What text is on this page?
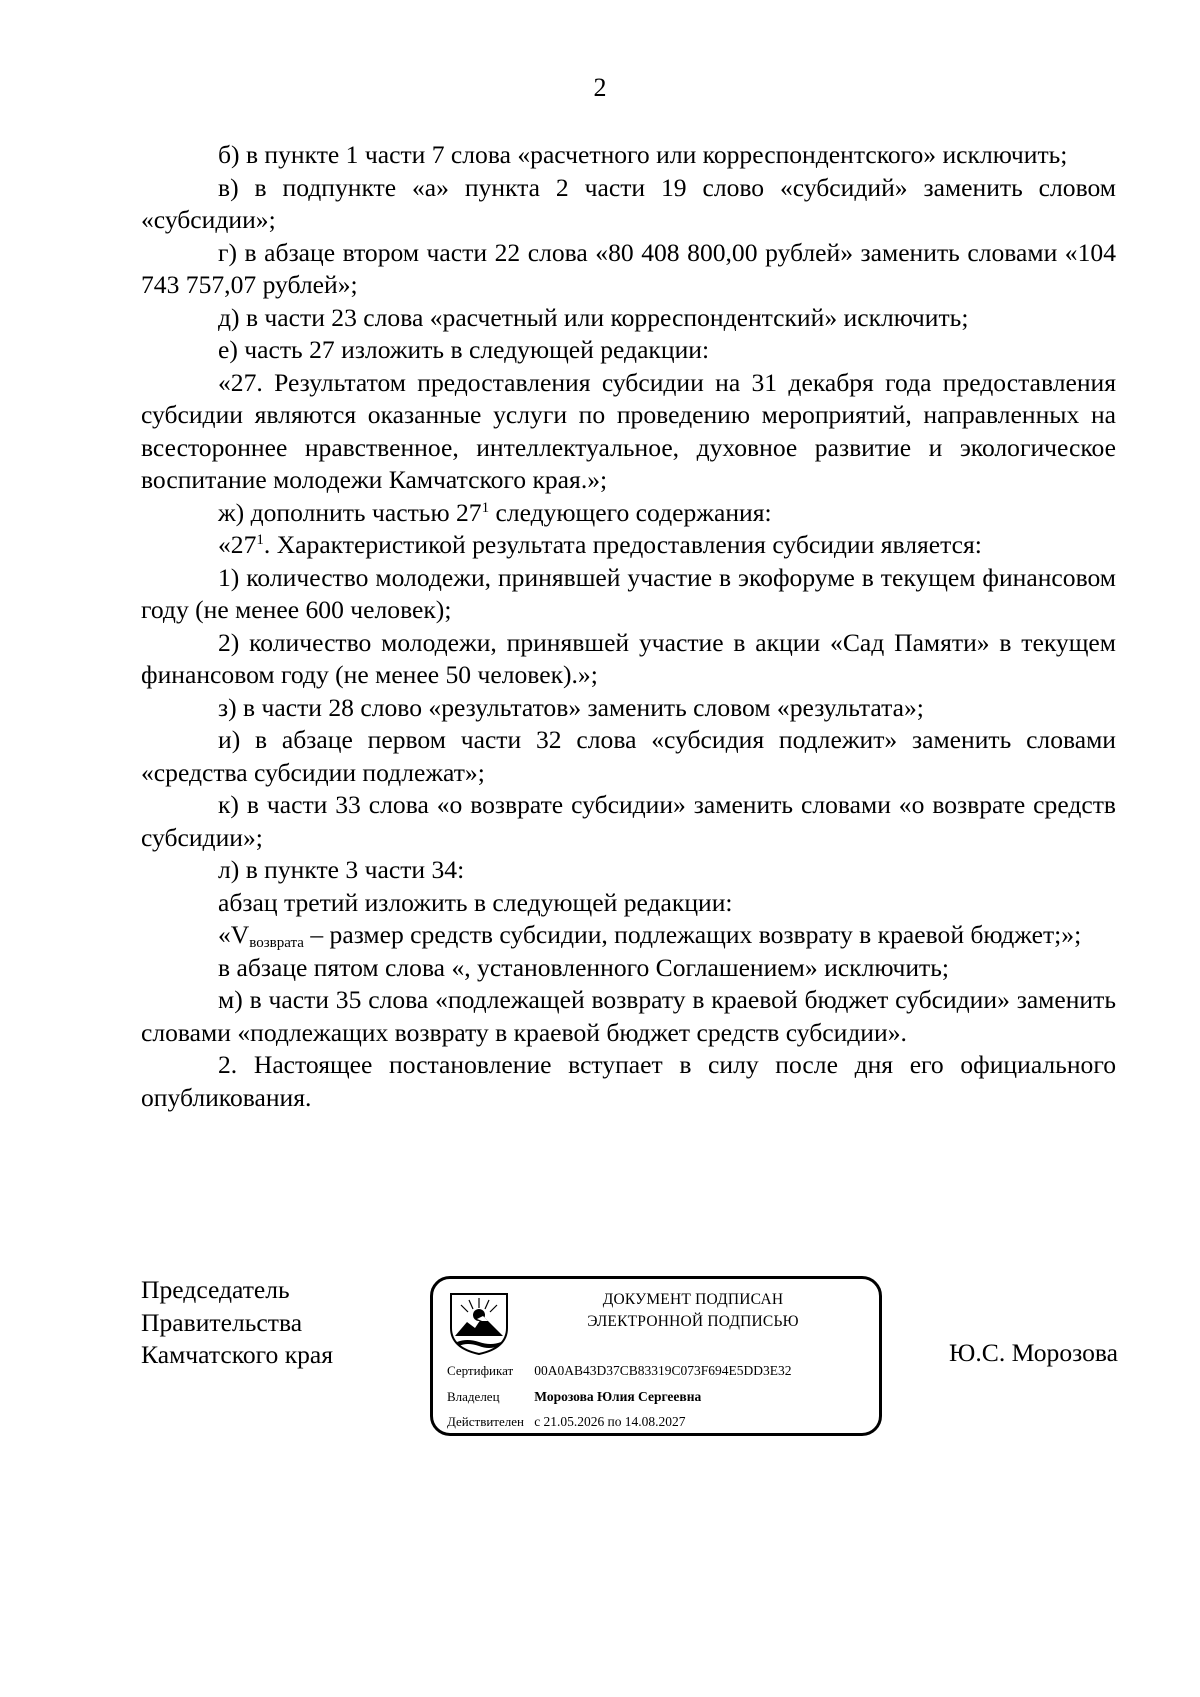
2

б) в пункте 1 части 7 слова «расчетного или корреспондентского» исключить;

в) в подпункте «а» пункта 2 части 19 слово «субсидий» заменить словом «субсидии»;

г) в абзаце втором части 22 слова «80 408 800,00 рублей» заменить словами «104 743 757,07 рублей»;

д) в части 23 слова «расчетный или корреспондентский» исключить;

е) часть 27 изложить в следующей редакции:

«27. Результатом предоставления субсидии на 31 декабря года предоставления субсидии являются оказанные услуги по проведению мероприятий, направленных на всестороннее нравственное, интеллектуальное, духовное развитие и экологическое воспитание молодежи Камчатского края.»;

ж) дополнить частью $27^1$ следующего содержания:

«$27^1$. Характеристикой результата предоставления субсидии является:

1) количество молодежи, принявшей участие в экофоруме в текущем финансовом году (не менее 600 человек);

2) количество молодежи, принявшей участие в акции «Сад Памяти» в текущем финансовом году (не менее 50 человек).»;

з) в части 28 слово «результатов» заменить словом «результата»;

и) в абзаце первом части 32 слова «субсидия подлежит» заменить словами «средства субсидии подлежат»;

к) в части 33 слова «о возврате субсидии» заменить словами «о возврате средств субсидии»;

л) в пункте 3 части 34:

абзац третий изложить в следующей редакции:

«$V_{возврата}$ – размер средств субсидии, подлежащих возврату в краевой бюджет;»;

в абзаце пятом слова «, установленного Соглашением» исключить;

м) в части 35 слова «подлежащей возврату в краевой бюджет субсидии» заменить словами «подлежащих возврату в краевой бюджет средств субсидии».

2. Настоящее постановление вступает в силу после дня его официального опубликования.

Председатель
Правительства
Камчатского края
ДОКУМЕНТ ПОДПИСАН
ЭЛЕКТРОННОЙ ПОДПИСЬЮ
Сертификат 00A0AB43D37CB83319C073F694E5DD3E32
Владелец	Морозова Юлия Сергеевна
Действителен с 21.05.2026 по 14.08.2027
Ю.С. Морозова
